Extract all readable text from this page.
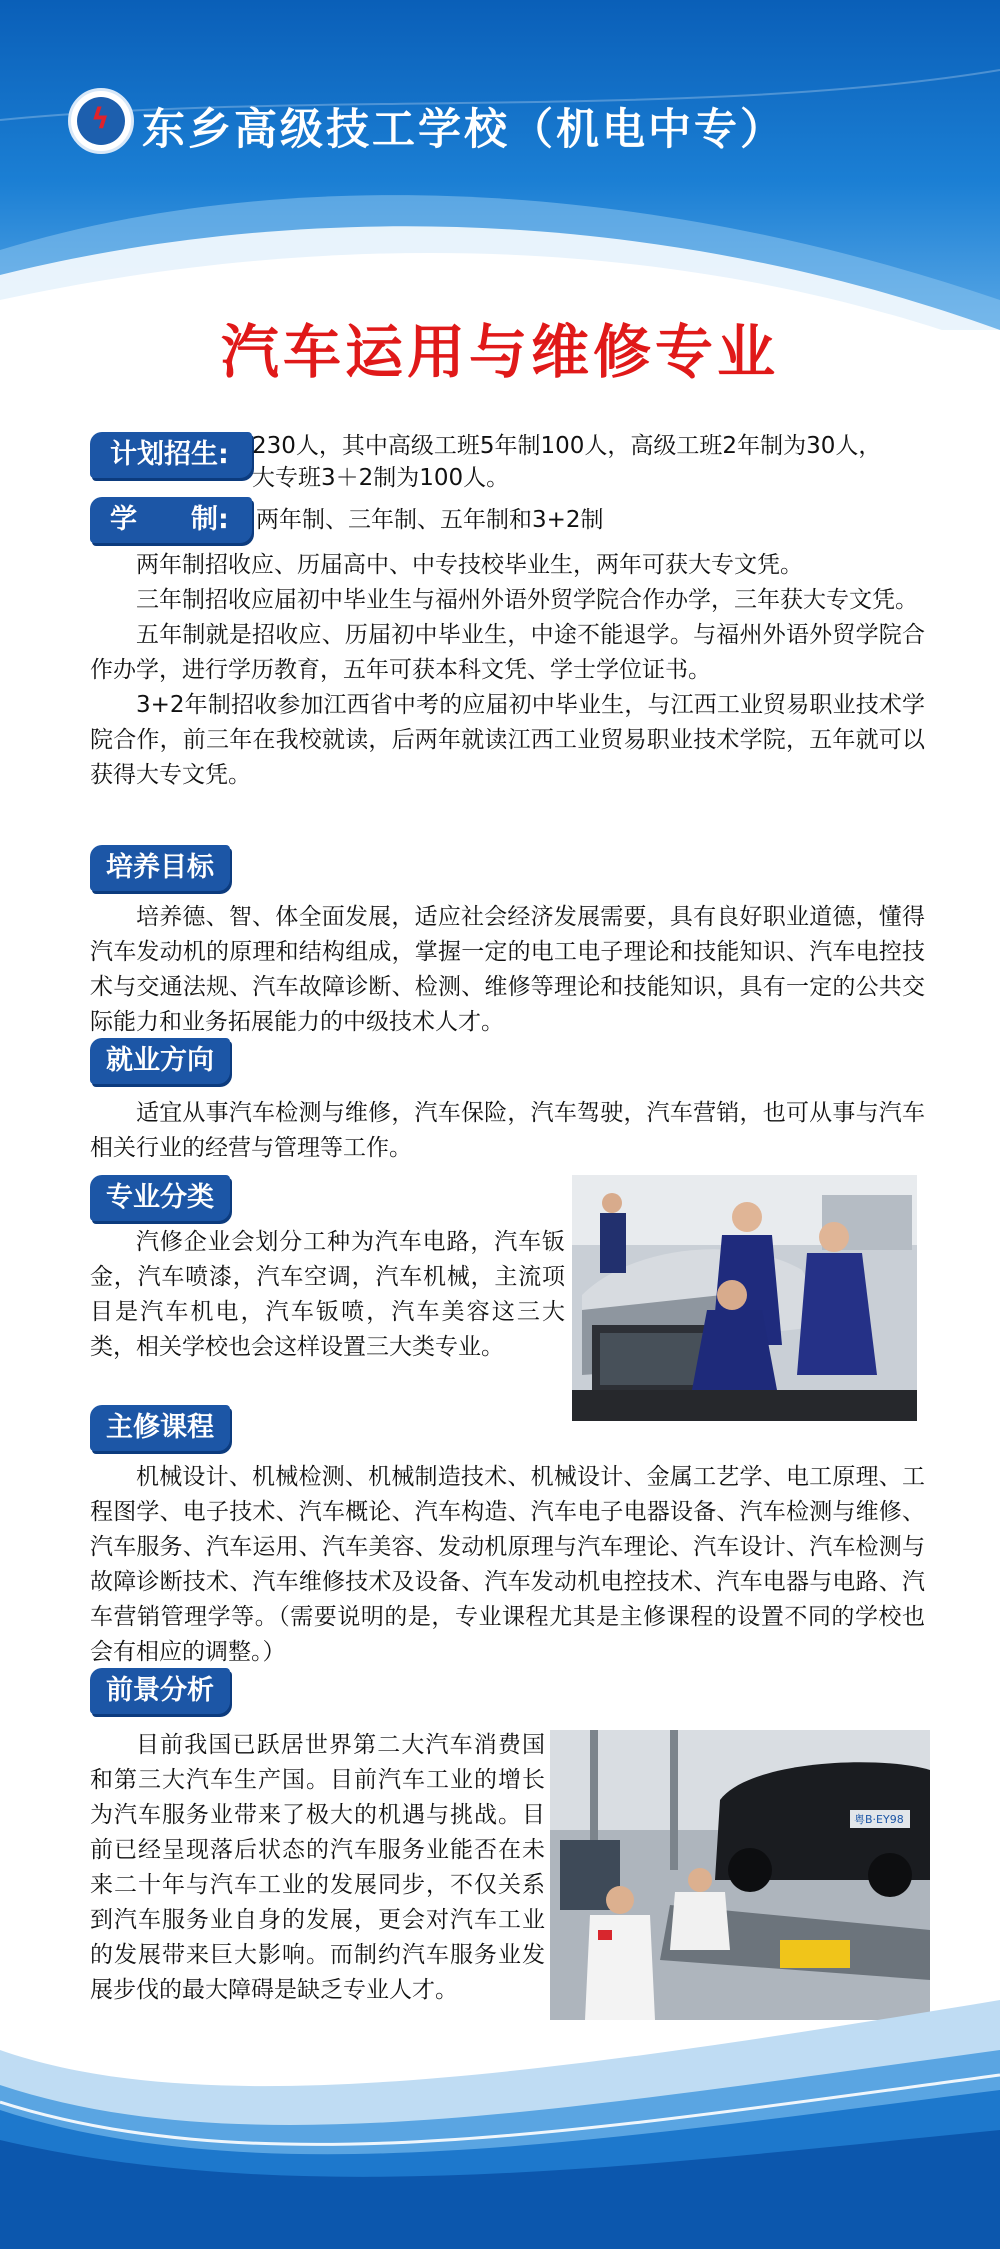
ϟ 东乡高级技工学校（机电中专）
汽车运用与维修专业
计划招生:	230人，其中高级工班5年制100人，高级工班2年制为30人，
大专班3＋2制为100人。
学　　制:	两年制、三年制、五年制和3+2制

两年制招收应、历届高中、中专技校毕业生，两年可获大专文凭。

三年制招收应届初中毕业生与福州外语外贸学院合作办学，三年获大专文凭。

五年制就是招收应、历届初中毕业生，中途不能退学。与福州外语外贸学院合作办学，进行学历教育，五年可获本科文凭、学士学位证书。

3+2年制招收参加江西省中考的应届初中毕业生，与江西工业贸易职业技术学院合作，前三年在我校就读，后两年就读江西工业贸易职业技术学院，五年就可以获得大专文凭。

培养目标

培养德、智、体全面发展，适应社会经济发展需要，具有良好职业道德，懂得汽车发动机的原理和结构组成，掌握一定的电工电子理论和技能知识、汽车电控技术与交通法规、汽车故障诊断、检测、维修等理论和技能知识，具有一定的公共交际能力和业务拓展能力的中级技术人才。

就业方向

适宜从事汽车检测与维修，汽车保险，汽车驾驶，汽车营销，也可从事与汽车相关行业的经营与管理等工作。

专业分类

汽修企业会划分工种为汽车电路，汽车钣金，汽车喷漆，汽车空调，汽车机械，主流项目是汽车机电，汽车钣喷，汽车美容这三大类，相关学校也会这样设置三大类专业。

主修课程

机械设计、机械检测、机械制造技术、机械设计、金属工艺学、电工原理、工程图学、电子技术、汽车概论、汽车构造、汽车电子电器设备、汽车检测与维修、汽车服务、汽车运用、汽车美容、发动机原理与汽车理论、汽车设计、汽车检测与故障诊断技术、汽车维修技术及设备、汽车发动机电控技术、汽车电器与电路、汽车营销管理学等。（需要说明的是，专业课程尤其是主修课程的设置不同的学校也会有相应的调整。）

前景分析

目前我国已跃居世界第二大汽车消费国和第三大汽车生产国。目前汽车工业的增长为汽车服务业带来了极大的机遇与挑战。目前已经呈现落后状态的汽车服务业能否在未来二十年与汽车工业的发展同步，不仅关系到汽车服务业自身的发展，更会对汽车工业的发展带来巨大影响。而制约汽车服务业发展步伐的最大障碍是缺乏专业人才。

粤B·EY98
